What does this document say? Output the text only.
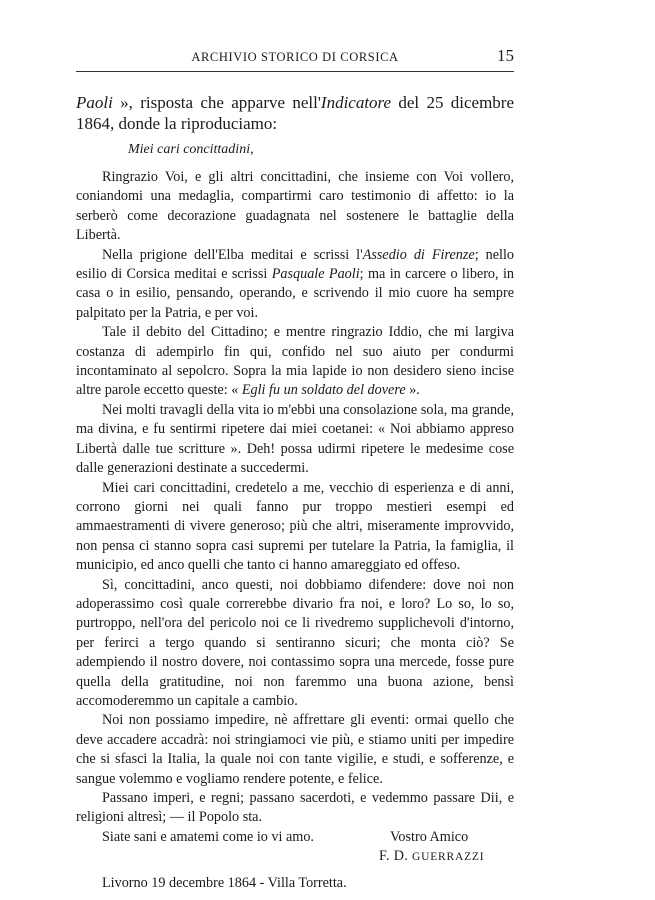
ARCHIVIO STORICO DI CORSICA	15

Paoli », risposta che apparve nell'Indicatore del 25 dicembre 1864, donde la riproduciamo:

Miei cari concittadini,

Ringrazio Voi, e gli altri concittadini, che insieme con Voi vollero, coniandomi una medaglia, compartirmi caro testimonio di affetto: io la serberò come decorazione guadagnata nel sostenere le battaglie della Libertà.

Nella prigione dell'Elba meditai e scrissi l'Assedio di Firenze; nello esilio di Corsica meditai e scrissi Pasquale Paoli; ma in carcere o libero, in casa o in esilio, pensando, operando, e scrivendo il mio cuore ha sempre palpitato per la Patria, e per voi.

Tale il debito del Cittadino; e mentre ringrazio Iddio, che mi largiva costanza di adempirlo fin qui, confido nel suo aiuto per condurmi incontaminato al sepolcro. Sopra la mia lapide io non desidero sieno incise altre parole eccetto queste: « Egli fu un soldato del dovere ».

Nei molti travagli della vita io m'ebbi una consolazione sola, ma grande, ma divina, e fu sentirmi ripetere dai miei coetanei: « Noi abbiamo appreso Libertà dalle tue scritture ». Deh! possa udirmi ripetere le medesime cose dalle generazioni destinate a succedermi.

Miei cari concittadini, credetelo a me, vecchio di esperienza e di anni, corrono giorni nei quali fanno pur troppo mestieri esempi ed ammaestramenti di vivere generoso; più che altri, miseramente improvvido, non pensa ci stanno sopra casi supremi per tutelare la Patria, la famiglia, il municipio, ed anco quelli che tanto ci hanno amareggiato ed offeso.

Sì, concittadini, anco questi, noi dobbiamo difendere: dove noi non adoperassimo così quale correrebbe divario fra noi, e loro? Lo so, lo so, purtroppo, nell'ora del pericolo noi ce li rivedremo supplichevoli d'intorno, per ferirci a tergo quando si sentiranno sicuri; che monta ciò? Se adempiendo il nostro dovere, noi contassimo sopra una mercede, fosse pure quella della gratitudine, noi non faremmo una buona azione, bensì accomoderemmo un capitale a cambio.

Noi non possiamo impedire, nè affrettare gli eventi: ormai quello che deve accadere accadrà: noi stringiamoci vie più, e stiamo uniti per impedire che si sfasci la Italia, la quale noi con tante vigilie, e studi, e sofferenze, e sangue volemmo e vogliamo rendere potente, e felice.

Passano imperi, e regni; passano sacerdoti, e vedemmo passare Dii, e religioni altresì; — il Popolo sta.

Siate sani e amatemi come io vi amo.	Vostro Amico
F. D. GUERRAZZI
Livorno 19 decembre 1864 - Villa Torretta.
